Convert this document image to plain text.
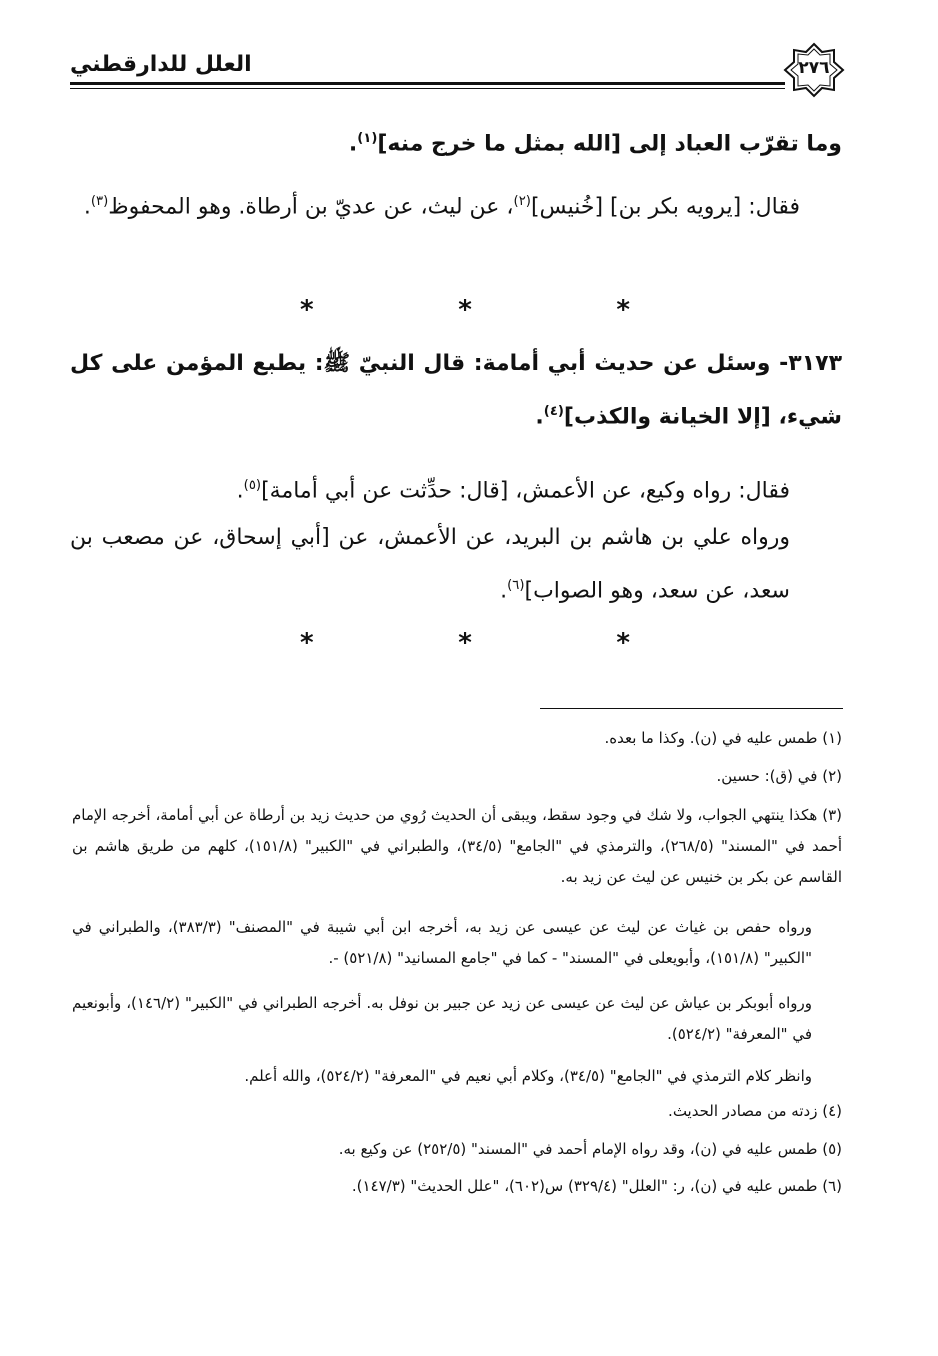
العلل للدارقطني	٢٧٦
وما تقرّب العباد إلى [الله بمثل ما خرج منه]$^{(١)}$.
فقال: [يرويه بكر بن] [خُنيس]$^{(٢)}$، عن ليث، عن عديّ بن أرطاة. وهو المحفوظ$^{(٣)}$.
*	*	*
٣١٧٣- وسئل عن حديث أبي أمامة: قال النبيّ ﷺ: يطبع المؤمن على كل شيء، [إلا الخيانة والكذب]$^{(٤)}$.
فقال: رواه وكيع، عن الأعمش، [قال: حدِّثت عن أبي أمامة]$^{(٥)}$.
ورواه علي بن هاشم بن البريد، عن الأعمش، عن [أبي إسحاق، عن مصعب بن سعد، عن سعد، وهو الصواب]$^{(٦)}$.
*	*	*
(١) طمس عليه في (ن). وكذا ما بعده.
(٢) في (ق): حسين.
(٣) هكذا ينتهي الجواب، ولا شك في وجود سقط، ويبقى أن الحديث رُوي من حديث زيد بن أرطاة عن أبي أمامة، أخرجه الإمام أحمد في "المسند" (٢٦٨/٥)، والترمذي في "الجامع" (٣٤/٥)، والطبراني في "الكبير" (١٥١/٨)، كلهم من طريق هاشم بن القاسم عن بكر بن خنيس عن ليث عن زيد به.
ورواه حفص بن غياث عن ليث عن عيسى عن زيد به، أخرجه ابن أبي شيبة في "المصنف" (٣٨٣/٣)، والطبراني في "الكبير" (١٥١/٨)، وأبويعلى في "المسند" - كما في "جامع المسانيد" (٥٢١/٨) -.
ورواه أبوبكر بن عياش عن ليث عن عيسى عن زيد عن جبير بن نوفل به. أخرجه الطبراني في "الكبير" (١٤٦/٢)، وأبونعيم في "المعرفة" (٥٢٤/٢).
وانظر كلام الترمذي في "الجامع" (٣٤/٥)، وكلام أبي نعيم في "المعرفة" (٥٢٤/٢)، والله أعلم.
(٤) زدته من مصادر الحديث.
(٥) طمس عليه في (ن)، وقد رواه الإمام أحمد في "المسند" (٢٥٢/٥) عن وكيع به.
(٦) طمس عليه في (ن)، ر: "العلل" (٣٢٩/٤) س(٦٠٢)، "علل الحديث" (١٤٧/٣).
